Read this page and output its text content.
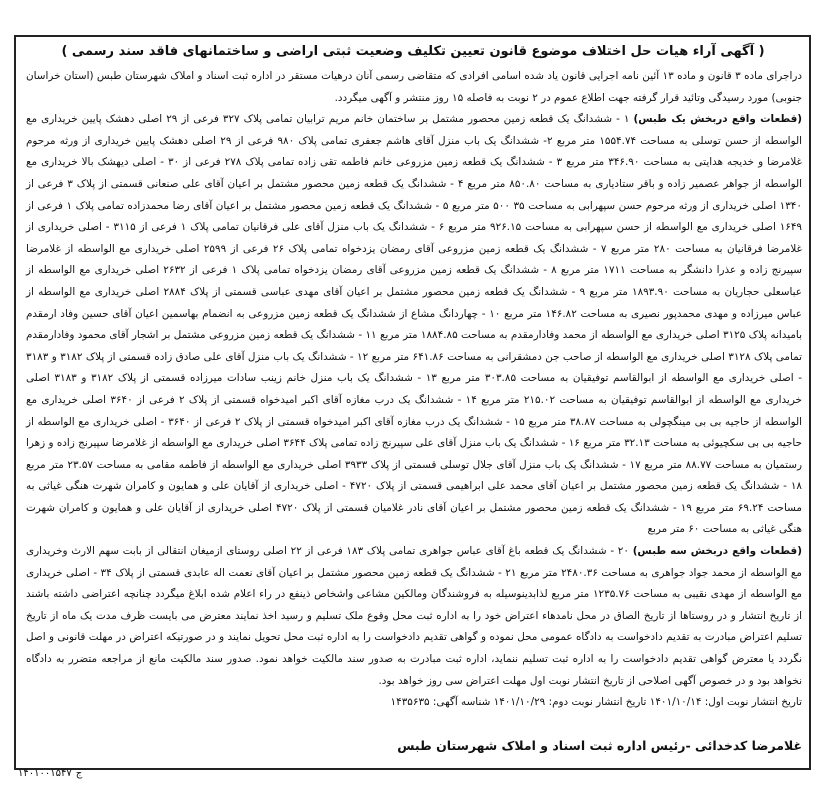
( آگهی آراء هیات حل اختلاف موضوع قانون تعیین تکلیف وضعیت ثبتی اراضی و ساختمانهای فاقد سند رسمی )

دراجرای ماده ۳ قانون و ماده ۱۳ آئین نامه اجرایی قانون یاد شده اسامی افرادی که متقاضی رسمی آنان درهیات مستقر در اداره ثبت اسناد و املاک شهرستان طبس (استان خراسان جنوبی) مورد رسیدگی وتائید قرار گرفته جهت اطلاع عموم در ۲ نوبت به فاصله ۱۵ روز منتشر و آگهی میگردد.

(قطعات واقع دربخش یک طبس) ۱ - ششدانگ یک قطعه زمین محصور مشتمل بر ساختمان خانم مریم ترابیان تمامی پلاک ۳۲۷ فرعی از ۲۹ اصلی دهشک پایین خریداری مع الواسطه از حسن توسلی به مساحت ۱۵۵۴.۷۴ متر مربع ۲- ششدانگ یک باب منزل آقای هاشم جعفری تمامی پلاک ۹۸۰ فرعی از ۲۹ اصلی دهشک پایین خریداری از ورثه مرحوم غلامرضا و خدیجه هدایتی به مساحت ۳۴۶.۹۰ متر مربع ۳ - ششدانگ یک قطعه زمین مزروعی خانم فاطمه تقی زاده تمامی پلاک ۲۷۸ فرعی از ۳۰ - اصلی دیهشک بالا خریداری مع الواسطه از جواهر عصمیر زاده و باقر ستادیاری به مساحت ۸۵۰.۸۰ متر مربع ۴ - ششدانگ یک قطعه زمین محصور مشتمل بر اعیان آقای علی صنعانی قسمتی از پلاک ۳ فرعی از ۱۳۴۰ اصلی خریداری از ورثه مرحوم حسن سپهرابی به مساحت ۳۵ ۵۰۰ متر مربع ۵ - ششدانگ یک قطعه زمین محصور مشتمل بر اعیان آقای رضا محمدزاده تمامی پلاک ۱ فرعی از ۱۶۴۹ اصلی خریداری مع الواسطه از حسن سپهرابی به مساحت ۹۲۶.۱۵ متر مربع ۶ - ششدانگ یک باب منزل آقای علی فرقانیان تمامی پلاک ۱ فرعی از ۳۱۱۵ - اصلی خریداری از غلامرضا فرقانیان به مساحت ۲۸۰ متر مربع ۷ - ششدانگ یک قطعه زمین مزروعی آقای رمضان یزدخواه تمامی پلاک ۲۶ فرعی از ۲۵۹۹ اصلی خریداری مع الواسطه از غلامرضا سپیرنج زاده و عذرا دانشگر به مساحت ۱۷۱۱ متر مربع ۸ - ششدانگ یک قطعه زمین مزروعی آقای رمضان یزدخواه تمامی پلاک ۱ فرعی از ۲۶۳۲ اصلی خریداری مع الواسطه از عباسعلی حجاریان به مساحت ۱۸۹۳.۹۰ متر مربع ۹ - ششدانگ یک قطعه زمین محصور مشتمل بر اعیان آقای مهدی عباسی قسمتی از پلاک ۲۸۸۴ اصلی خریداری مع الواسطه از عباس میرزاده و مهدی محمدپور نصیری به مساحت ۱۴۶.۸۲ متر مربع ۱۰ - چهاردانگ مشاع از ششدانگ یک قطعه زمین مزروعی به انضمام بهاسمین اعیان آقای حسین وفاد ارمقدم بامیدانه پلاک ۳۱۲۵ اصلی خریداری مع الواسطه از محمد وفادارمقدم به مساحت ۱۸۸۴.۸۵ متر مربع ۱۱ - ششدانگ یک قطعه زمین مزروعی مشتمل بر اشجار آقای محمود وفادارمقدم تمامی پلاک ۳۱۲۸ اصلی خریداری مع الواسطه از صاحب جن دمشقرانی به مساحت ۶۴۱.۸۶ متر مربع ۱۲ - ششدانگ یک باب منزل آقای علی صادق زاده قسمتی از پلاک ۳۱۸۲ و ۳۱۸۳ - اصلی خریداری مع الواسطه از ابوالقاسم توفیقیان به مساحت ۳۰۳.۸۵ متر مربع ۱۳ - ششدانگ یک باب منزل خانم زینب سادات میرزاده قسمتی از پلاک ۳۱۸۲ و ۳۱۸۳ اصلی خریداری مع الواسطه از ابوالقاسم توفیقیان به مساحت ۲۱۵.۰۲ متر مربع ۱۴ - ششدانگ یک درب مغازه آقای اکبر امیدخواه قسمتی از پلاک ۲ فرعی از ۳۶۴۰ اصلی خریداری مع الواسطه از حاجیه بی بی مینگچولی به مساحت ۳۸.۸۷ متر مربع ۱۵ - ششدانگ یک درب مغازه آقای اکبر امیدخواه قسمتی از پلاک ۲ فرعی از ۳۶۴۰ - اصلی خریداری مع الواسطه از حاجیه بی بی سکچیوئی به مساحت ۳۲.۱۳ متر مربع ۱۶ - ششدانگ یک باب منزل آقای علی سپیرنج زاده تمامی پلاک ۳۶۴۴ اصلی خریداری مع الواسطه از غلامرضا سپیرنج زاده و زهرا رستمیان به مساحت ۸۸.۷۷ متر مربع ۱۷ - ششدانگ یک باب منزل آقای جلال توسلی قسمتی از پلاک ۳۹۳۳ اصلی خریداری مع الواسطه از فاطمه مقامی به مساحت ۲۳.۵۷ متر مربع ۱۸ - ششدانگ یک قطعه زمین محصور مشتمل بر اعیان آقای محمد علی ابراهیمی قسمتی از پلاک ۴۷۲۰ - اصلی خریداری از آقایان علی و همایون و کامران شهرت هنگی غیاثی به مساحت ۶۹.۲۴ متر مربع ۱۹ - ششدانگ یک قطعه زمین محصور مشتمل بر اعیان آقای نادر غلامیان قسمتی از پلاک ۴۷۲۰ اصلی خریداری از آقایان علی و همایون و کامران شهرت هنگی غیاثی به مساحت ۶۰ متر مربع

(قطعات واقع دربخش سه طبس) ۲۰ - ششدانگ یک قطعه باغ آقای عباس جواهری تمامی پلاک ۱۸۳ فرعی از ۲۲ اصلی روستای ازمیغان انتقالی از بابت سهم الارث وخریداری مع الواسطه از محمد جواد جواهری به مساحت ۲۴۸۰.۳۶ متر مربع ۲۱ - ششدانگ یک قطعه زمین محصور مشتمل بر اعیان آقای نعمت اله عابدی قسمتی از پلاک ۳۴ - اصلی خریداری مع الواسطه از مهدی نقیبی به مساحت ۱۲۳۵.۷۶ متر مربع لذابدینوسیله به فروشندگان ومالکین مشاعی واشخاص ذینفع در راء اعلام شده ابلاغ میگردد چنانچه اعتراضی داشته باشند از تاریخ انتشار و در روستاها از تاریخ الصاق در محل نامدهاء اعتراض خود را به اداره ثبت محل وقوع ملک تسلیم و رسید اخذ نمایند معترض می بایست ظرف مدت یک ماه از تاریخ تسلیم اعتراض مبادرت به تقدیم دادخواست به دادگاه عمومی محل نموده و گواهی تقدیم دادخواست را به اداره ثبت محل تحویل نمایند و در صورتیکه اعتراض در مهلت قانونی و اصل نگردد یا معترض گواهی تقدیم دادخواست را به اداره ثبت تسلیم ننماید، اداره ثبت مبادرت به صدور سند مالکیت خواهد نمود. صدور سند مالکیت مانع از مراجعه متضرر به دادگاه نخواهد بود و در خصوص آگهی اصلاحی از تاریخ انتشار نوبت اول مهلت اعتراض سی روز خواهد بود.

تاریخ انتشار نوبت اول: ۱۴۰۱/۱۰/۱۴ تاریخ انتشار نوبت دوم: ۱۴۰۱/۱۰/۲۹ شناسه آگهی: ۱۴۳۵۶۳۵

غلامرضا کدخدائی -رئیس اداره ثبت اسناد و املاک شهرستان طبس
۱۴۰۱۰۰۱۵۴۷ ج
